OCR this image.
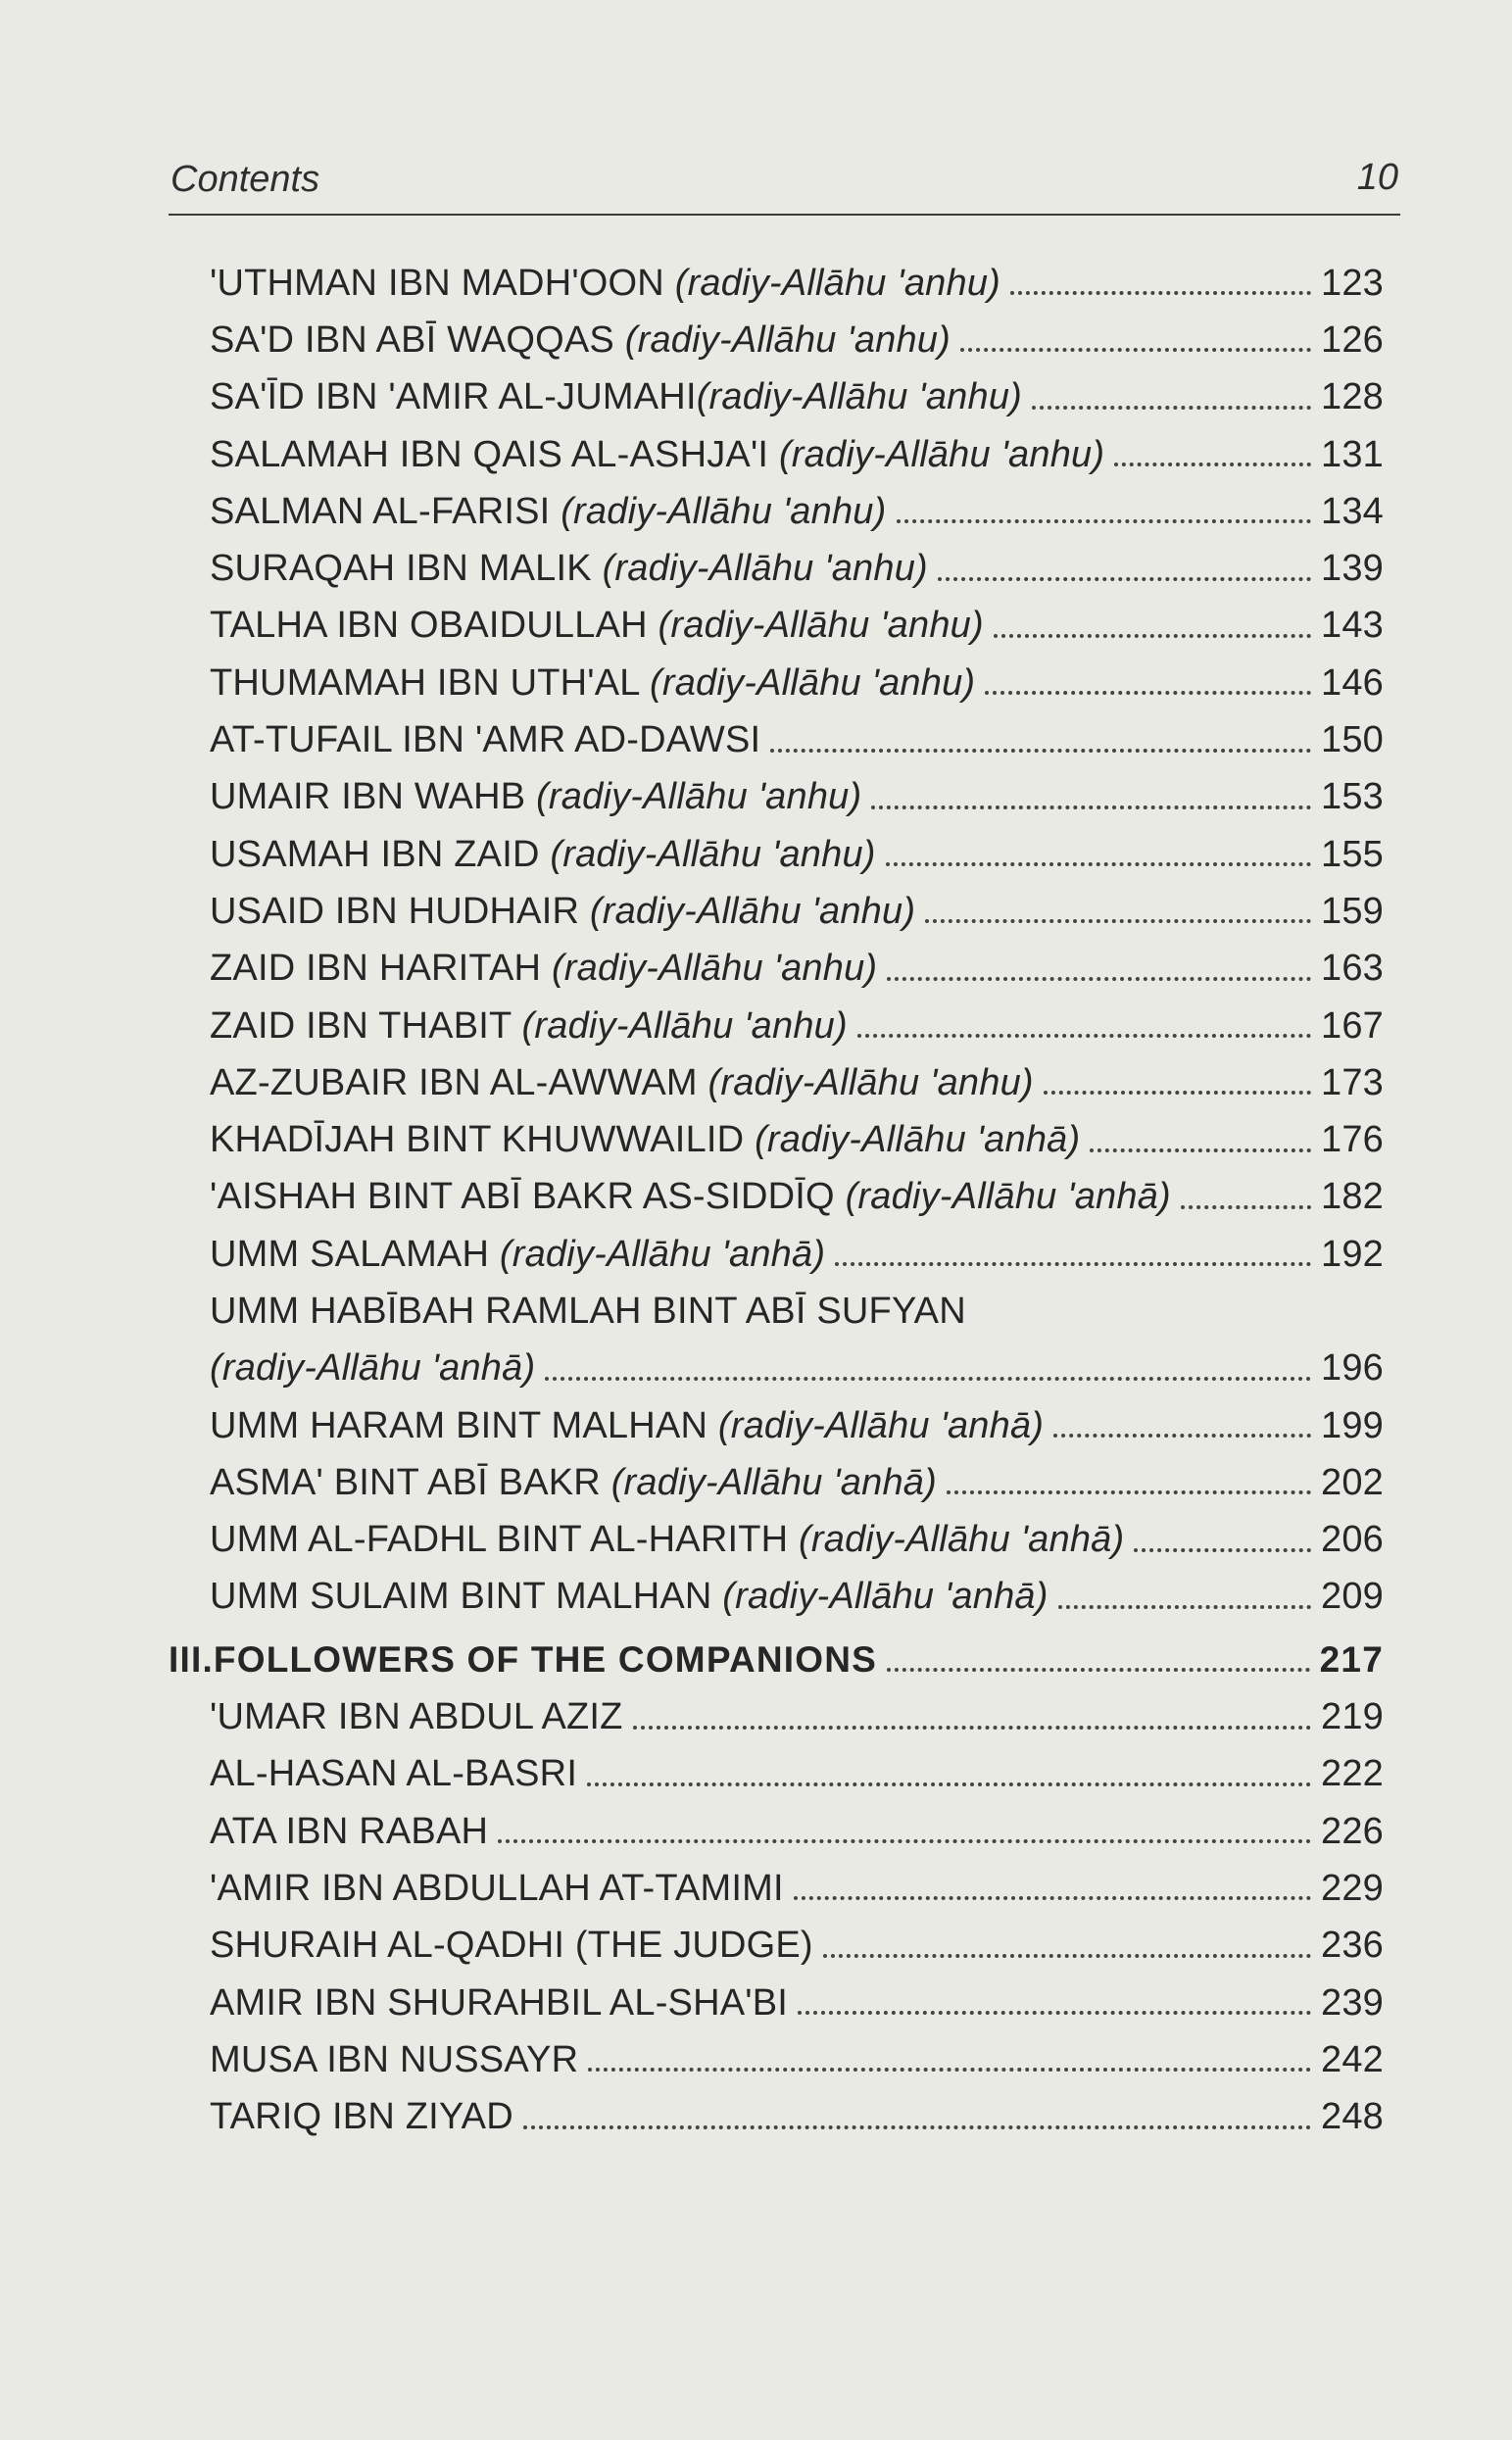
Contents	10
'UTHMAN IBN MADH'OON (radiy-Allāhu 'anhu)	123
SA'D IBN ABĪ WAQQAS (radiy-Allāhu 'anhu)	126
SA'ĪD IBN 'AMIR AL-JUMAHI(radiy-Allāhu 'anhu)	128
SALAMAH IBN QAIS AL-ASHJA'I (radiy-Allāhu 'anhu)	131
SALMAN AL-FARISI (radiy-Allāhu 'anhu)	134
SURAQAH IBN MALIK (radiy-Allāhu 'anhu)	139
TALHA IBN OBAIDULLAH (radiy-Allāhu 'anhu)	143
THUMAMAH IBN UTH'AL (radiy-Allāhu 'anhu)	146
AT-TUFAIL IBN 'AMR AD-DAWSI	150
UMAIR IBN WAHB (radiy-Allāhu 'anhu)	153
USAMAH IBN ZAID (radiy-Allāhu 'anhu)	155
USAID IBN HUDHAIR (radiy-Allāhu 'anhu)	159
ZAID IBN HARITAH (radiy-Allāhu 'anhu)	163
ZAID IBN THABIT (radiy-Allāhu 'anhu)	167
AZ-ZUBAIR IBN AL-AWWAM (radiy-Allāhu 'anhu)	173
KHADĪJAH BINT KHUWWAILID (radiy-Allāhu 'anhā)	176
'AISHAH BINT ABĪ BAKR AS-SIDDĪQ (radiy-Allāhu 'anhā)	182
UMM SALAMAH (radiy-Allāhu 'anhā)	192
UMM HABĪBAH RAMLAH BINT ABĪ SUFYAN
(radiy-Allāhu 'anhā)	196
UMM HARAM BINT MALHAN (radiy-Allāhu 'anhā)	199
ASMA' BINT ABĪ BAKR (radiy-Allāhu 'anhā)	202
UMM AL-FADHL BINT AL-HARITH (radiy-Allāhu 'anhā)	206
UMM SULAIM BINT MALHAN (radiy-Allāhu 'anhā)	209
III.FOLLOWERS OF THE COMPANIONS	217
'UMAR IBN ABDUL AZIZ	219
AL-HASAN AL-BASRI	222
ATA IBN RABAH	226
'AMIR IBN ABDULLAH AT-TAMIMI	229
SHURAIH AL-QADHI (THE JUDGE)	236
AMIR IBN SHURAHBIL AL-SHA'BI	239
MUSA IBN NUSSAYR	242
TARIQ IBN ZIYAD	248
